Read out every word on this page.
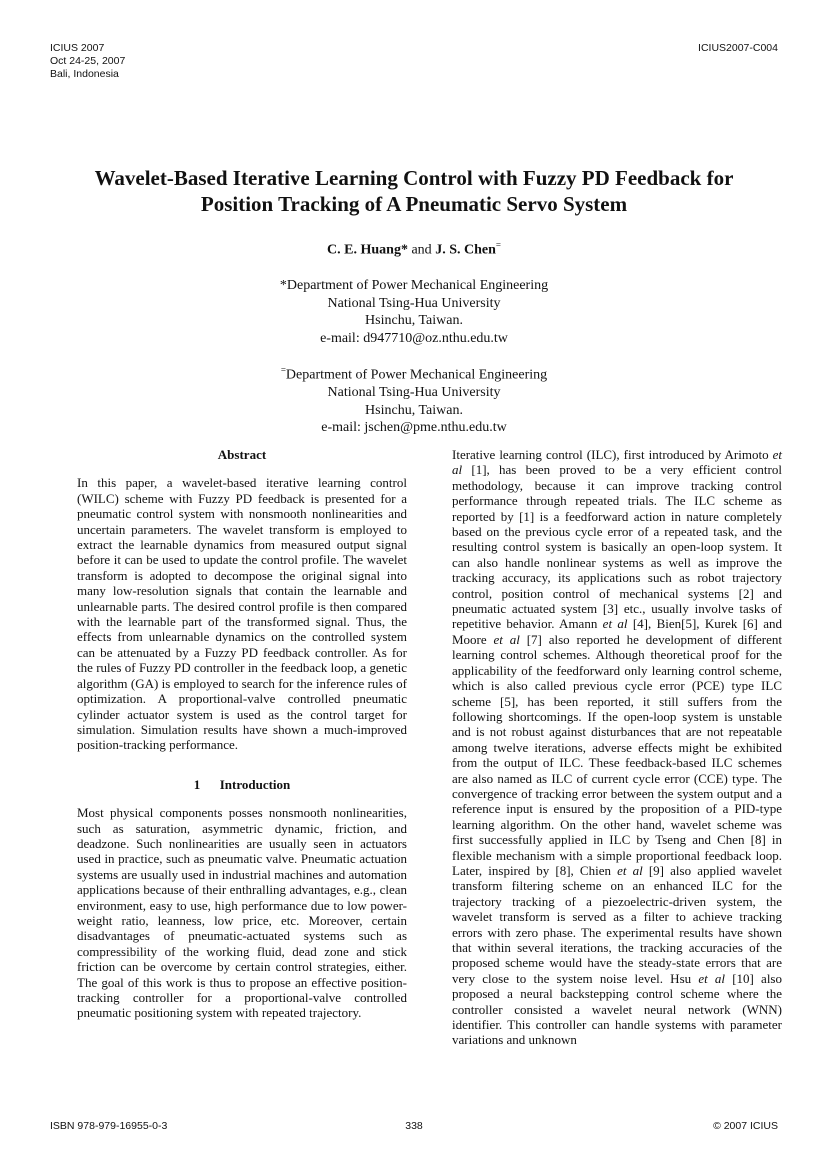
ICIUS 2007
Oct 24-25, 2007
Bali, Indonesia
ICIUS2007-C004
Wavelet-Based Iterative Learning Control with Fuzzy PD Feedback for
Position Tracking of A Pneumatic Servo System
C. E. Huang* and J. S. Chen=
*Department of Power Mechanical Engineering
National Tsing-Hua University
Hsinchu, Taiwan.
e-mail: d947710@oz.nthu.edu.tw
=Department of Power Mechanical Engineering
National Tsing-Hua University
Hsinchu, Taiwan.
e-mail: jschen@pme.nthu.edu.tw
Abstract

In this paper, a wavelet-based iterative learning control (WILC) scheme with Fuzzy PD feedback is presented for a pneumatic control system with nonsmooth nonlinearities and uncertain parameters. The wavelet transform is employed to extract the learnable dynamics from measured output signal before it can be used to update the control profile. The wavelet transform is adopted to decompose the original signal into many low-resolution signals that contain the learnable and unlearnable parts. The desired control profile is then compared with the learnable part of the transformed signal. Thus, the effects from unlearnable dynamics on the controlled system can be attenuated by a Fuzzy PD feedback controller. As for the rules of Fuzzy PD controller in the feedback loop, a genetic algorithm (GA) is employed to search for the inference rules of optimization. A proportional-valve controlled pneumatic cylinder actuator system is used as the control target for simulation. Simulation results have shown a much-improved position-tracking performance.

1      Introduction

Most physical components posses nonsmooth nonlinearities, such as saturation, asymmetric dynamic, friction, and deadzone. Such nonlinearities are usually seen in actuators used in practice, such as pneumatic valve. Pneumatic actuation systems are usually used in industrial machines and automation applications because of their enthralling advantages, e.g., clean environment, easy to use, high performance due to low power-weight ratio, leanness, low price, etc. Moreover, certain disadvantages of pneumatic-actuated systems such as compressibility of the working fluid, dead zone and stick friction can be overcome by certain control strategies, either. The goal of this work is thus to propose an effective position-tracking controller for a proportional-valve controlled pneumatic positioning system with repeated trajectory.

Iterative learning control (ILC), first introduced by Arimoto et al [1], has been proved to be a very efficient control methodology, because it can improve tracking control performance through repeated trials. The ILC scheme as reported by [1] is a feedforward action in nature completely based on the previous cycle error of a repeated task, and the resulting control system is basically an open-loop system. It can also handle nonlinear systems as well as improve the tracking accuracy, its applications such as robot trajectory control, position control of mechanical systems [2] and pneumatic actuated system [3] etc., usually involve tasks of repetitive behavior. Amann et al [4], Bien[5], Kurek [6] and Moore et al [7] also reported he development of different learning control schemes. Although theoretical proof for the applicability of the feedforward only learning control scheme, which is also called previous cycle error (PCE) type ILC scheme [5], has been reported, it still suffers from the following shortcomings. If the open-loop system is unstable and is not robust against disturbances that are not repeatable among twelve iterations, adverse effects might be exhibited from the output of ILC. These feedback-based ILC schemes are also named as ILC of current cycle error (CCE) type. The convergence of tracking error between the system output and a reference input is ensured by the proposition of a PID-type learning algorithm. On the other hand, wavelet scheme was first successfully applied in ILC by Tseng and Chen [8] in flexible mechanism with a simple proportional feedback loop. Later, inspired by [8], Chien et al [9] also applied wavelet transform filtering scheme on an enhanced ILC for the trajectory tracking of a piezoelectric-driven system, the wavelet transform is served as a filter to achieve tracking errors with zero phase. The experimental results have shown that within several iterations, the tracking accuracies of the proposed scheme would have the steady-state errors that are very close to the system noise level. Hsu et al [10] also proposed a neural backstepping control scheme where the controller consisted a wavelet neural network (WNN) identifier. This controller can handle systems with parameter variations and unknown

ISBN 978-979-16955-0-3	338	© 2007 ICIUS
